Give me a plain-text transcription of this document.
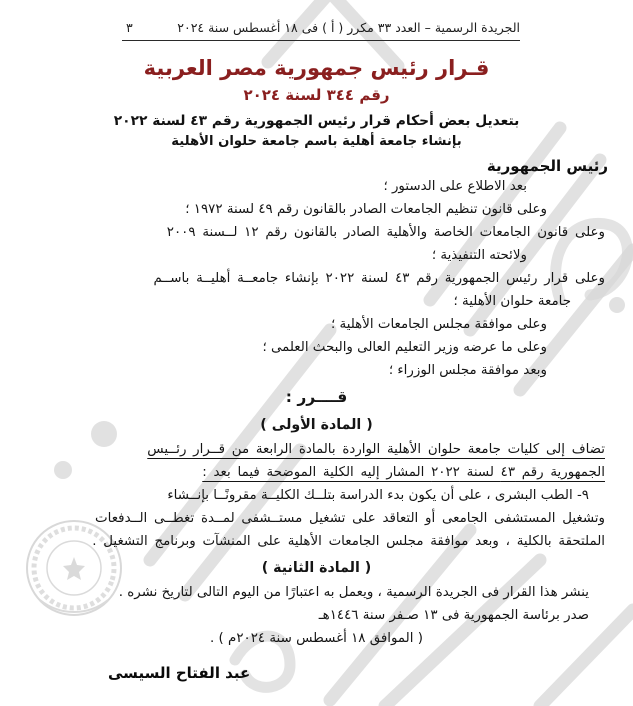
الجريدة الرسمية – العدد ٣٣ مكرر ( أ ) فى ١٨ أغسطس سنة ٢٠٢٤
٣
قـرار رئيس جمهورية مصر العربية
رقم ٣٤٤ لسنة ٢٠٢٤
بتعديل بعض أحكام قرار رئيس الجمهورية رقم ٤٣ لسنة ٢٠٢٢
بإنشاء جامعة أهلية باسم جامعة حلوان الأهلية
رئيس الجمهورية
بعد الاطلاع على الدستور ؛
وعلى قانون تنظيم الجامعات الصادر بالقانون رقم ٤٩ لسنة ١٩٧٢ ؛
وعلى قانون الجامعات الخاصة والأهلية الصادر بالقانون رقم ١٢ لــسنة ٢٠٠٩
ولائحته التنفيذية ؛
وعلى قرار رئيس الجمهورية رقم ٤٣ لسنة ٢٠٢٢ بإنشاء جامعــة أهليــة باســم
جامعة حلوان الأهلية ؛
وعلى موافقة مجلس الجامعات الأهلية ؛
وعلى ما عرضه وزير التعليم العالى والبحث العلمى ؛
وبعد موافقة مجلس الوزراء ؛
قــــرر :
( المادة الأولى )
تضاف إلى كليات جامعة حلوان الأهلية الواردة بالمادة الرابعة من قــرار رئــيس
الجمهورية رقم ٤٣ لسنة ٢٠٢٢ المشار إليه الكلية الموضحة فيما بعد :
٩- الطب البشرى ، على أن يكون بدء الدراسة بتلــك الكليــة مقرونًــا بإنــشاء
وتشغيل المستشفى الجامعى أو التعاقد على تشغيل مستــشفى لمــدة تغطــى الــدفعات
الملتحقة بالكلية ، وبعد موافقة مجلس الجامعات الأهلية على المنشآت وبرنامج التشغيل .
( المادة الثانية )
ينشر هذا القرار فى الجريدة الرسمية ، ويعمل به اعتبارًا من اليوم التالى لتاريخ نشره .
صدر برئاسة الجمهورية فى ١٣ صـفر سنة ١٤٤٦هـ
( الموافق ١٨ أغسطس سنة ٢٠٢٤م ) .
عبد الفتاح السيسى
